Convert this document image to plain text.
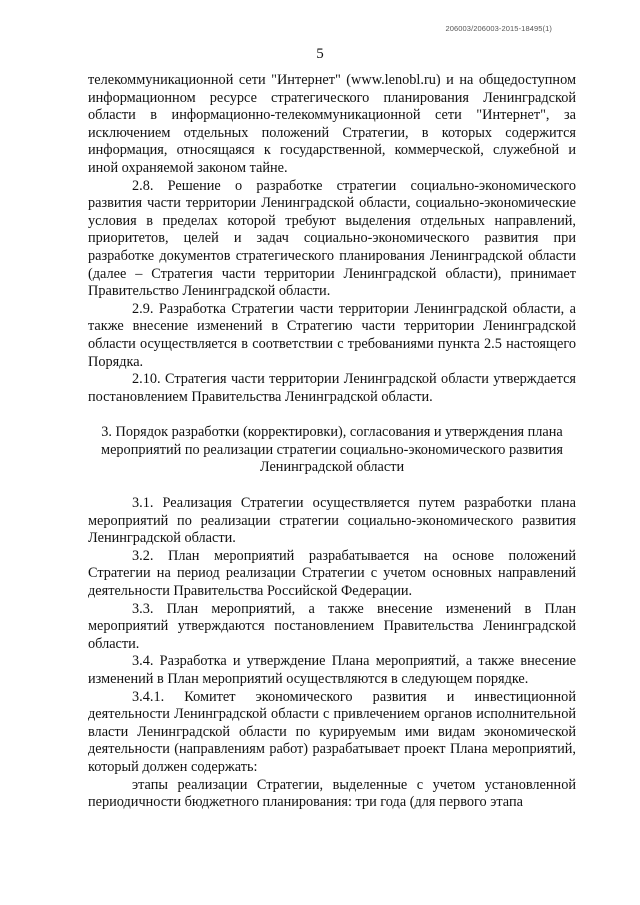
206003/206003-2015-18495(1)
5

телекоммуникационной сети "Интернет" (www.lenobl.ru) и на общедоступном информационном ресурсе стратегического планирования Ленинградской области в информационно-телекоммуникационной сети "Интернет", за исключением отдельных положений Стратегии, в которых содержится информация, относящаяся к государственной, коммерческой, служебной и иной охраняемой законом тайне.

2.8. Решение о разработке стратегии социально-экономического развития части территории Ленинградской области, социально-экономические условия в пределах которой требуют выделения отдельных направлений, приоритетов, целей и задач социально-экономического развития при разработке документов стратегического планирования Ленинградской области (далее – Стратегия части территории Ленинградской области), принимает Правительство Ленинградской области.

2.9. Разработка Стратегии части территории Ленинградской области, а также внесение изменений в Стратегию части территории Ленинградской области осуществляется в соответствии с требованиями пункта 2.5 настоящего Порядка.

2.10. Стратегия части территории Ленинградской области утверждается постановлением Правительства Ленинградской области.

3. Порядок разработки (корректировки), согласования и утверждения плана мероприятий по реализации стратегии социально-экономического развития Ленинградской области

3.1. Реализация Стратегии осуществляется путем разработки плана мероприятий по реализации стратегии социально-экономического развития Ленинградской области.

3.2. План мероприятий разрабатывается на основе положений Стратегии на период реализации Стратегии с учетом основных направлений деятельности Правительства Российской Федерации.

3.3. План мероприятий, а также внесение изменений в План мероприятий утверждаются постановлением Правительства Ленинградской области.

3.4. Разработка и утверждение Плана мероприятий, а также внесение изменений в План мероприятий осуществляются в следующем порядке.

3.4.1. Комитет экономического развития и инвестиционной деятельности Ленинградской области с привлечением органов исполнительной власти Ленинградской области по курируемым ими видам экономической деятельности (направлениям работ) разрабатывает проект Плана мероприятий, который должен содержать:

этапы реализации Стратегии, выделенные с учетом установленной периодичности бюджетного планирования: три года (для первого этапа
